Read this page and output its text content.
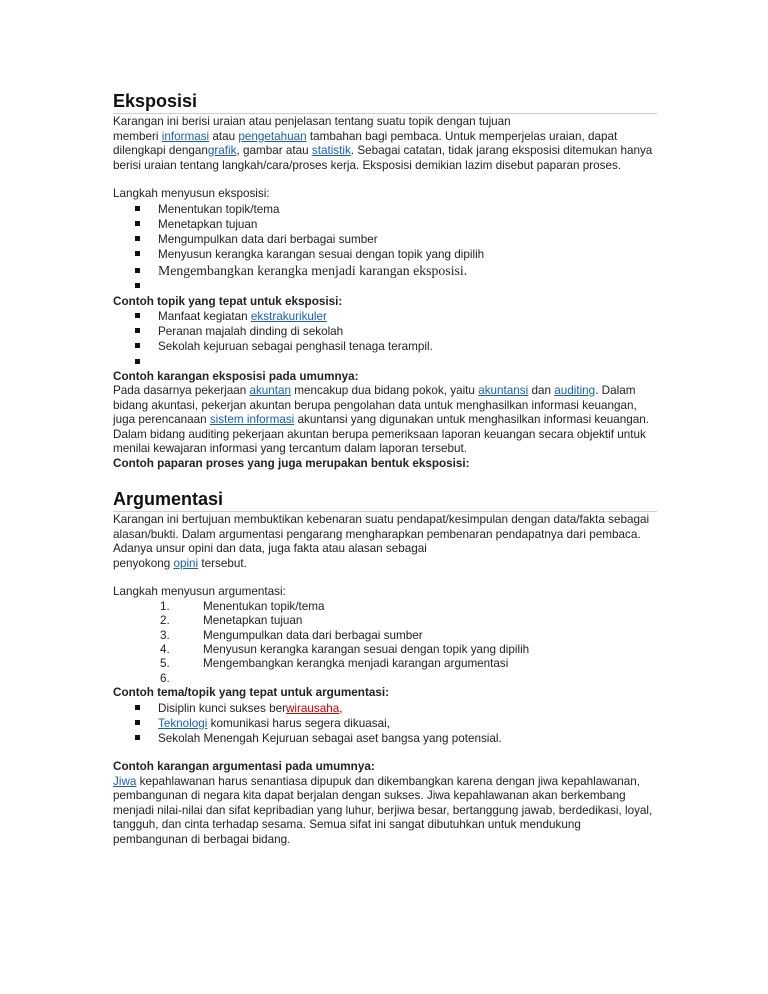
Eksposisi

Karangan ini berisi uraian atau penjelasan tentang suatu topik dengan tujuan
memberi informasi atau pengetahuan tambahan bagi pembaca. Untuk memperjelas uraian, dapat dilengkapi dengangrafik, gambar atau statistik. Sebagai catatan, tidak jarang eksposisi ditemukan hanya berisi uraian tentang langkah/cara/proses kerja. Eksposisi demikian lazim disebut paparan proses.

Langkah menyusun eksposisi:

Menentukan topik/tema
Menetapkan tujuan
Mengumpulkan data dari berbagai sumber
Menyusun kerangka karangan sesuai dengan topik yang dipilih
Mengembangkan kerangka menjadi karangan eksposisi.

Contoh topik yang tepat untuk eksposisi:

Manfaat kegiatan ekstrakurikuler
Peranan majalah dinding di sekolah
Sekolah kejuruan sebagai penghasil tenaga terampil.

Contoh karangan eksposisi pada umumnya:

Pada dasarnya pekerjaan akuntan mencakup dua bidang pokok, yaitu akuntansi dan auditing. Dalam bidang akuntasi, pekerjan akuntan berupa pengolahan data untuk menghasilkan informasi keuangan, juga perencanaan sistem informasi akuntansi yang digunakan untuk menghasilkan informasi keuangan.

Dalam bidang auditing pekerjaan akuntan berupa pemeriksaan laporan keuangan secara objektif untuk menilai kewajaran informasi yang tercantum dalam laporan tersebut.

Contoh paparan proses yang juga merupakan bentuk eksposisi:

Argumentasi

Karangan ini bertujuan membuktikan kebenaran suatu pendapat/kesimpulan dengan data/fakta sebagai alasan/bukti. Dalam argumentasi pengarang mengharapkan pembenaran pendapatnya dari pembaca. Adanya unsur opini dan data, juga fakta atau alasan sebagai
penyokong opini tersebut.

Langkah menyusun argumentasi:

1.	Menentukan topik/tema
2.	Menetapkan tujuan
3.	Mengumpulkan data dari berbagai sumber
4.	Menyusun kerangka karangan sesuai dengan topik yang dipilih
5.	Mengembangkan kerangka menjadi karangan argumentasi
6.

Contoh tema/topik yang tepat untuk argumentasi:

Disiplin kunci sukses berwirausaha,
Teknologi komunikasi harus segera dikuasai,
Sekolah Menengah Kejuruan sebagai aset bangsa yang potensial.

Contoh karangan argumentasi pada umumnya:

Jiwa kepahlawanan harus senantiasa dipupuk dan dikembangkan karena dengan jiwa kepahlawanan, pembangunan di negara kita dapat berjalan dengan sukses. Jiwa kepahlawanan akan berkembang menjadi nilai-nilai dan sifat kepribadian yang luhur, berjiwa besar, bertanggung jawab, berdedikasi, loyal, tangguh, dan cinta terhadap sesama. Semua sifat ini sangat dibutuhkan untuk mendukung pembangunan di berbagai bidang.
